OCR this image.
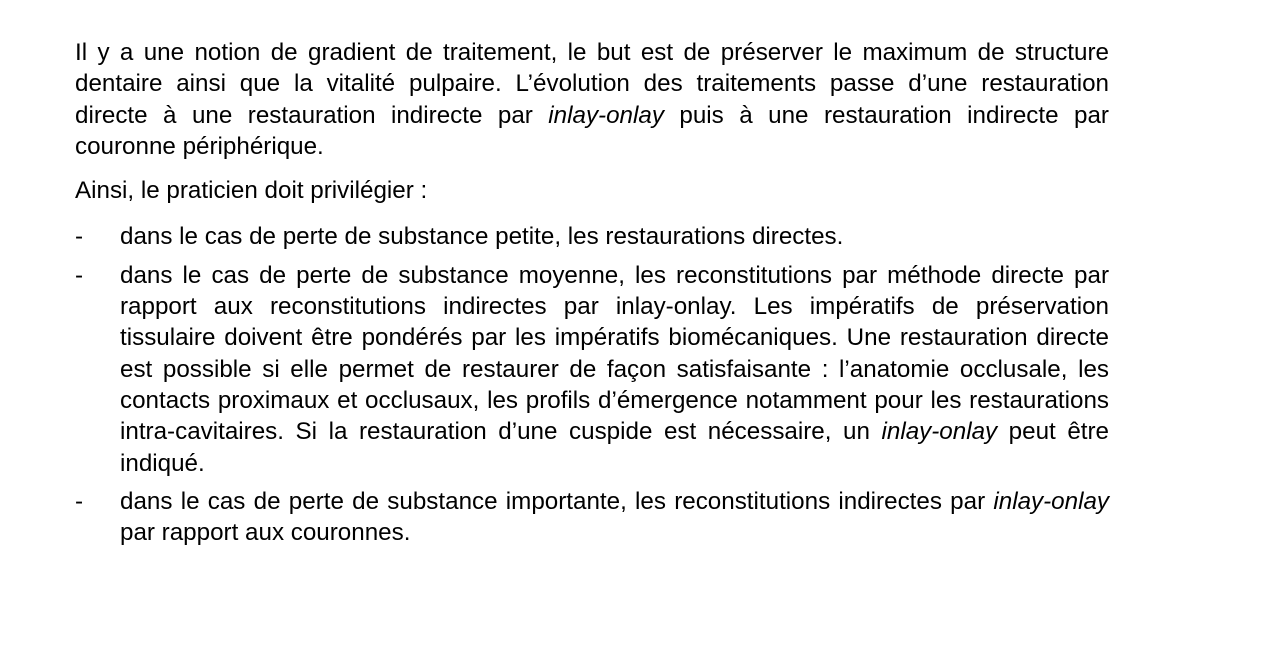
Il y a une notion de gradient de traitement, le but est de préserver le maximum de structure dentaire ainsi que la vitalité pulpaire. L’évolution des traitements passe d’une restauration directe à une restauration indirecte par inlay-onlay puis à une restauration indirecte par couronne périphérique.

Ainsi, le praticien doit privilégier :

- dans le cas de perte de substance petite, les restaurations directes.
- dans le cas de perte de substance moyenne, les reconstitutions par méthode directe par rapport aux reconstitutions indirectes par inlay-onlay. Les impératifs de préservation tissulaire doivent être pondérés par les impératifs biomécaniques. Une restauration directe est possible si elle permet de restaurer de façon satisfaisante : l’anatomie occlusale, les contacts proximaux et occlusaux, les profils d’émergence notamment pour les restaurations intra-cavitaires. Si la restauration d’une cuspide est nécessaire, un inlay-onlay peut être indiqué.
- dans le cas de perte de substance importante, les reconstitutions indirectes par inlay-onlay par rapport aux couronnes.
